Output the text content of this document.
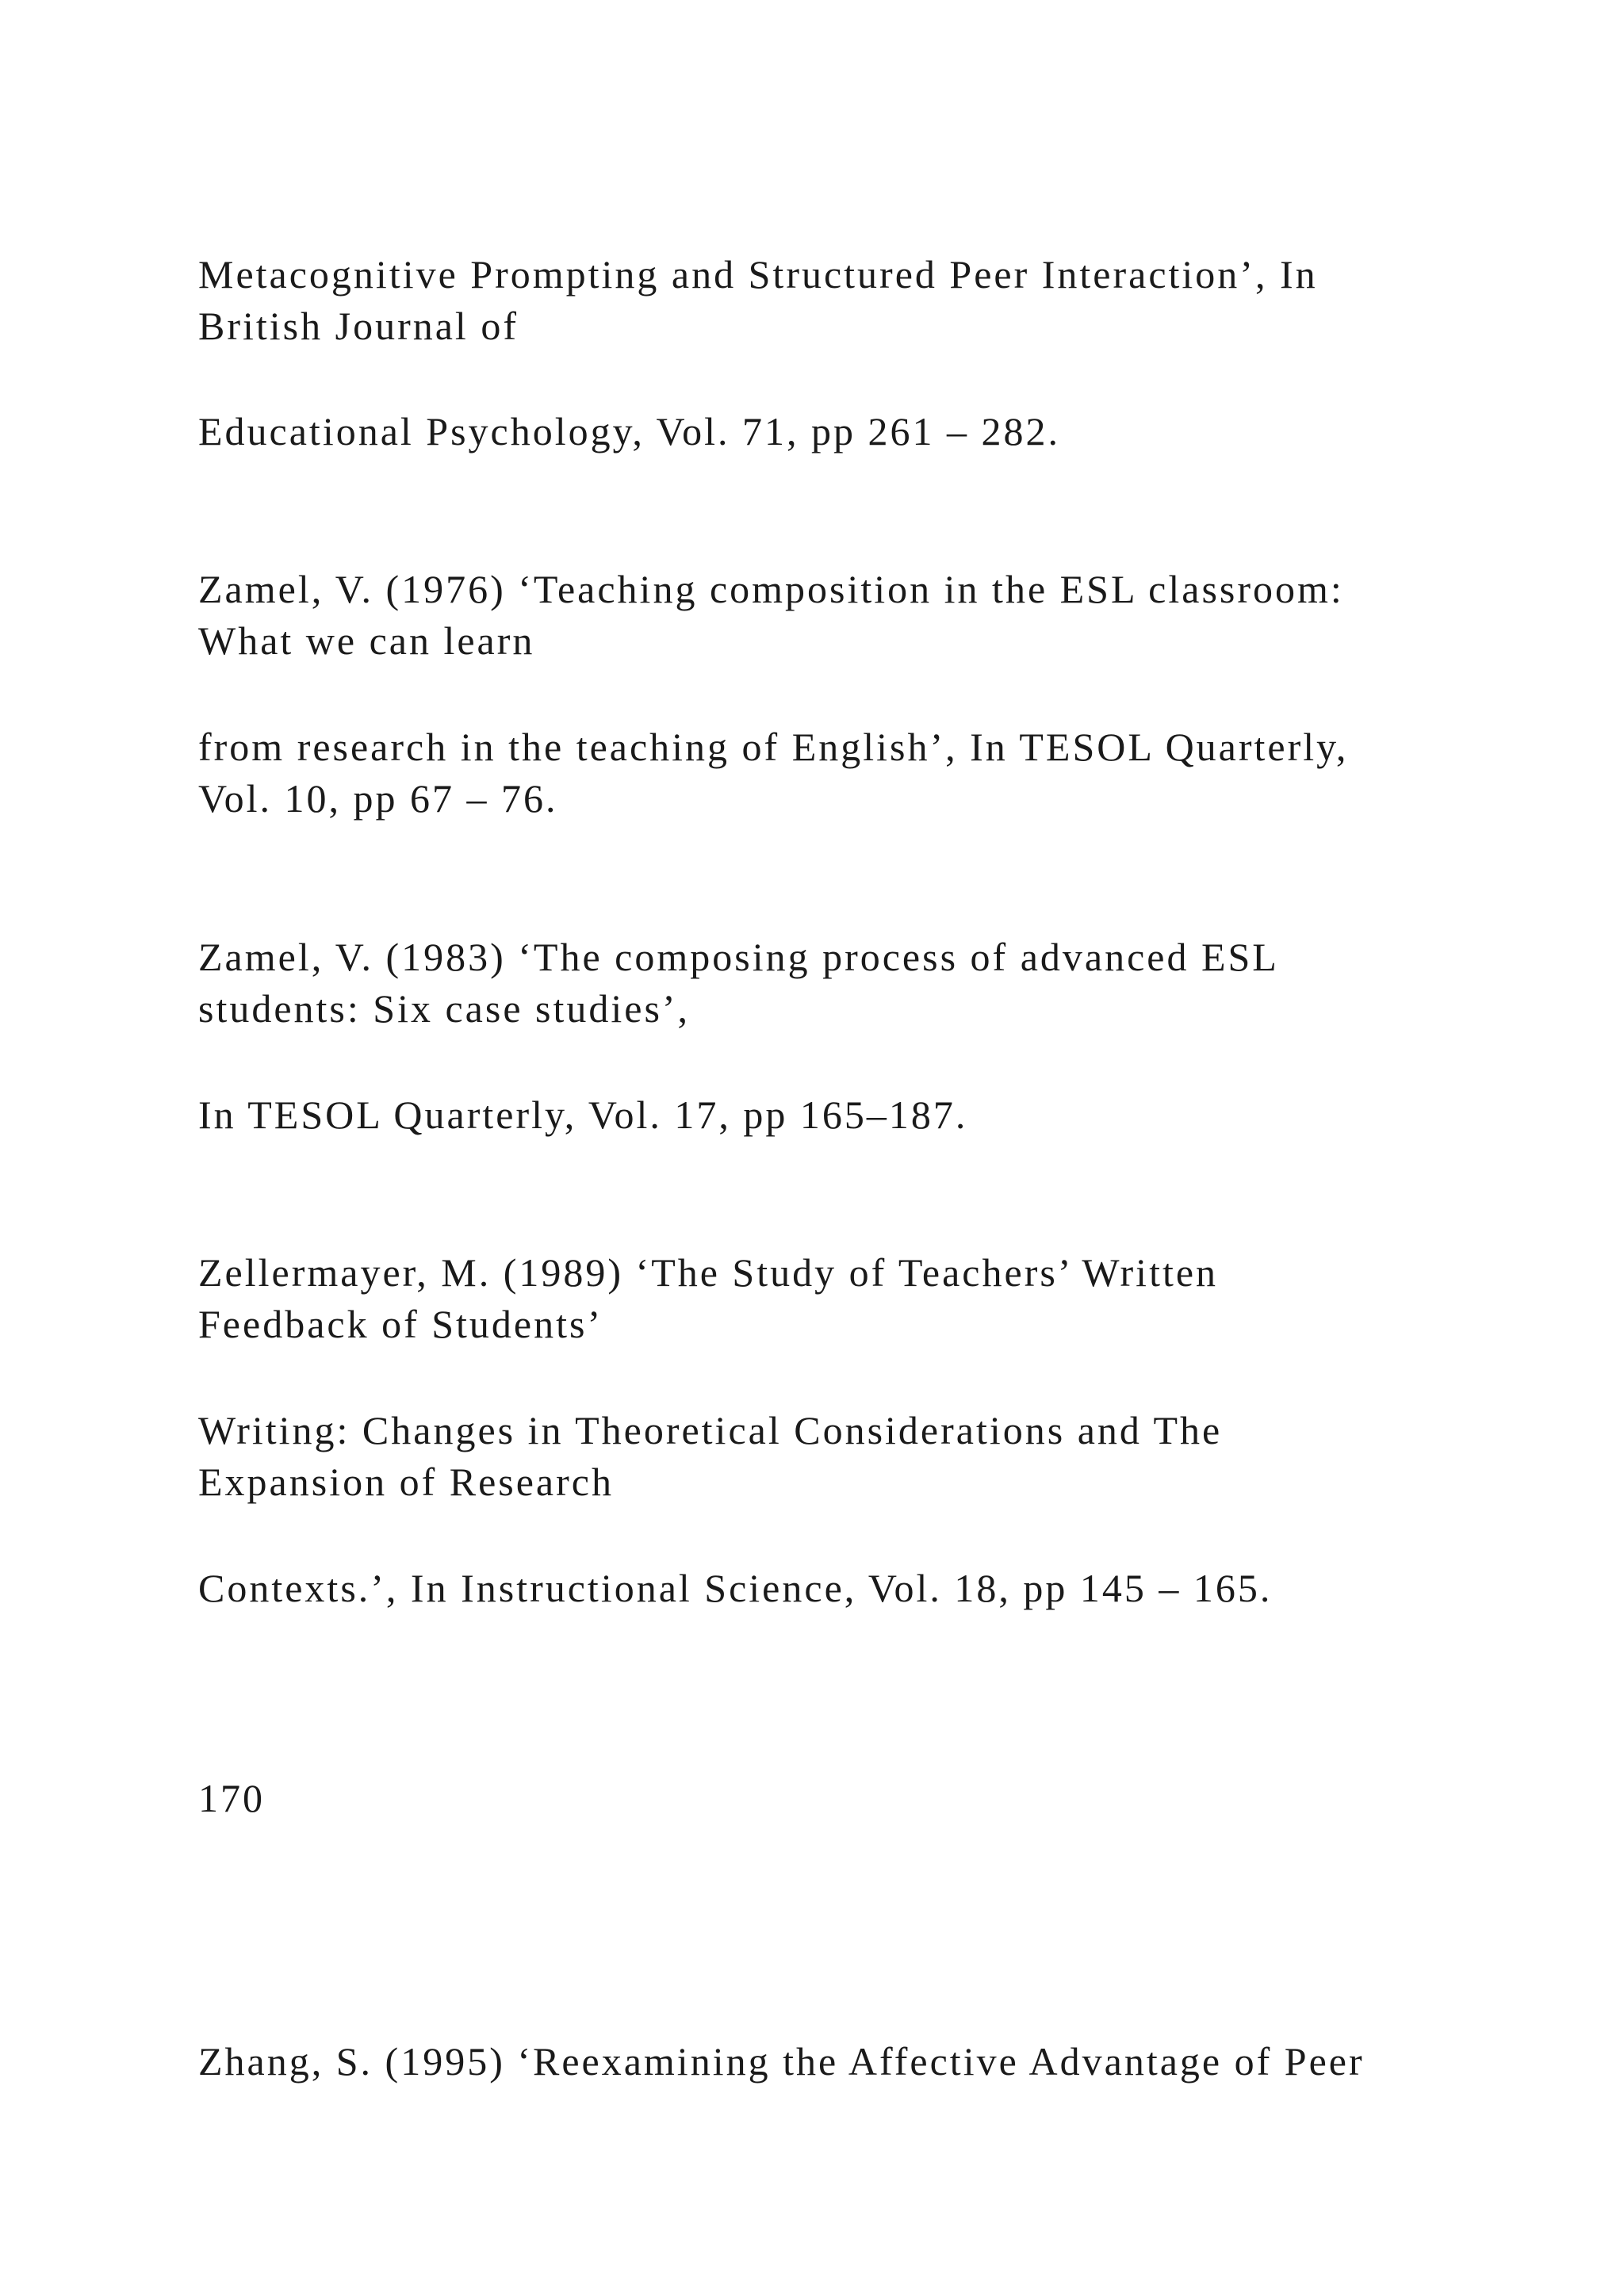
Metacognitive Prompting and Structured Peer Interaction’, In

British Journal of

Educational Psychology, Vol. 71, pp 261 – 282.

Zamel, V. (1976) ‘Teaching composition in the ESL classroom:

What we can learn

from research in the teaching of English’, In TESOL Quarterly,

Vol. 10, pp 67 – 76.

Zamel, V. (1983) ‘The composing process of advanced ESL

students: Six case studies’,

In TESOL Quarterly, Vol. 17, pp 165–187.

Zellermayer, M. (1989) ‘The Study of Teachers’ Written

Feedback of Students’

Writing: Changes in Theoretical Considerations and The

Expansion of Research

Contexts.’, In Instructional Science, Vol. 18, pp 145 – 165.

170

Zhang, S. (1995) ‘Reexamining the Affective Advantage of Peer
